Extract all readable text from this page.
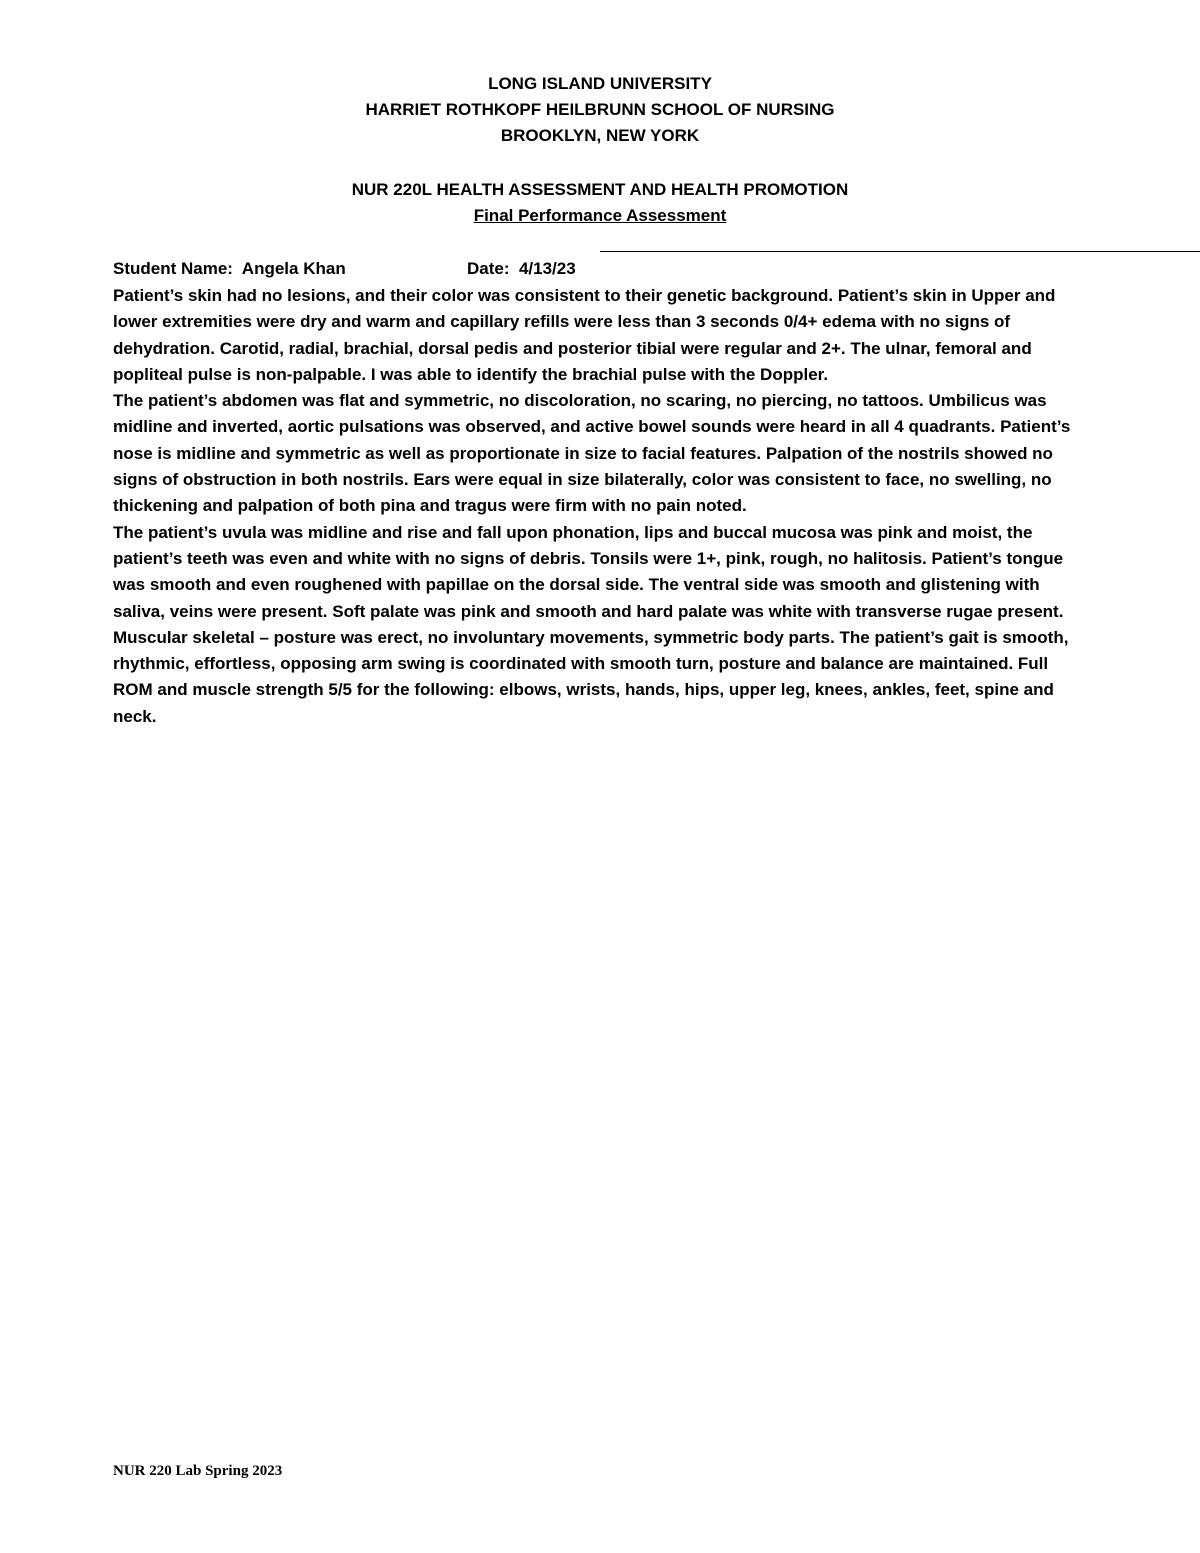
LONG ISLAND UNIVERSITY
HARRIET ROTHKOPF HEILBRUNN SCHOOL OF NURSING
BROOKLYN, NEW YORK
NUR 220L HEALTH ASSESSMENT AND HEALTH PROMOTION
Final Performance Assessment
Student Name: Angela Khan	Date: 4/13/23

Patient’s skin had no lesions, and their color was consistent to their genetic background. Patient’s skin in Upper and lower extremities were dry and warm and capillary refills were less than 3 seconds 0/4+ edema with no signs of dehydration. Carotid, radial, brachial, dorsal pedis and posterior tibial were regular and 2+. The ulnar, femoral and popliteal pulse is non-palpable. I was able to identify the brachial pulse with the Doppler.

The patient’s abdomen was flat and symmetric, no discoloration, no scaring, no piercing, no tattoos. Umbilicus was midline and inverted, aortic pulsations was observed, and active bowel sounds were heard in all 4 quadrants. Patient’s nose is midline and symmetric as well as proportionate in size to facial features. Palpation of the nostrils showed no signs of obstruction in both nostrils. Ears were equal in size bilaterally, color was consistent to face, no swelling, no thickening and palpation of both pina and tragus were firm with no pain noted.

The patient’s uvula was midline and rise and fall upon phonation, lips and buccal mucosa was pink and moist, the patient’s teeth was even and white with no signs of debris. Tonsils were 1+, pink, rough, no halitosis. Patient’s tongue was smooth and even roughened with papillae on the dorsal side. The ventral side was smooth and glistening with saliva, veins were present. Soft palate was pink and smooth and hard palate was white with transverse rugae present.

Muscular skeletal – posture was erect, no involuntary movements, symmetric body parts. The patient’s gait is smooth, rhythmic, effortless, opposing arm swing is coordinated with smooth turn, posture and balance are maintained. Full ROM and muscle strength 5/5 for the following: elbows, wrists, hands, hips, upper leg, knees, ankles, feet, spine and neck.

NUR 220 Lab Spring 2023
